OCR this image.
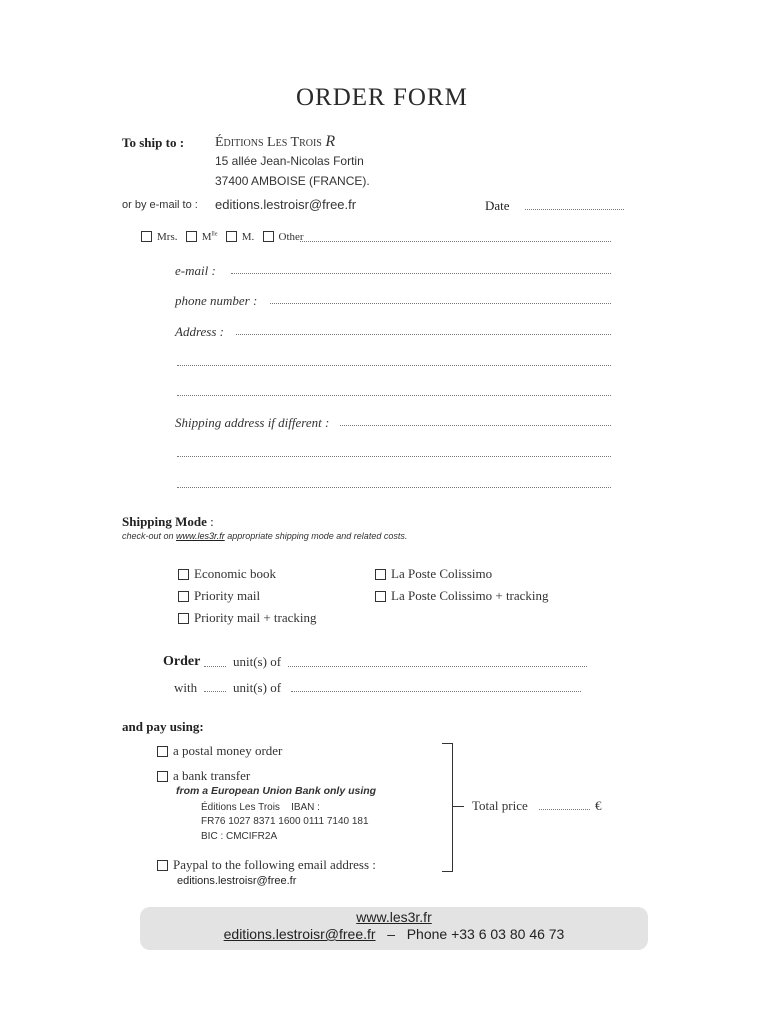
ORDER FORM
To ship to : Éditions Les Trois R
15 allée Jean-Nicolas Fortin
37400 AMBOISE (FRANCE).
or by e-mail to : editions.lestroisr@free.fr	Date
Mrs. $M^{lle}$ M. Other
e-mail :
phone number :
Address :
Shipping address if different :
Shipping Mode :
check-out on www.les3r.fr appropriate shipping mode and related costs.
Economic book
Priority mail
Priority mail + tracking
La Poste Colissimo
La Poste Colissimo + tracking
Order	unit(s) of
with	unit(s) of
and pay using:
a postal money order
a bank transfer
from a European Union Bank only using
Éditions Les Trois IBAN :
FR76 1027 8371 1600 0111 7140 181
BIC : CMCIFR2A
Paypal to the following email address :
editions.lestroisr@free.fr
Total price	€
www.les3r.fr
editions.lestroisr@free.fr – Phone +33 6 03 80 46 73
